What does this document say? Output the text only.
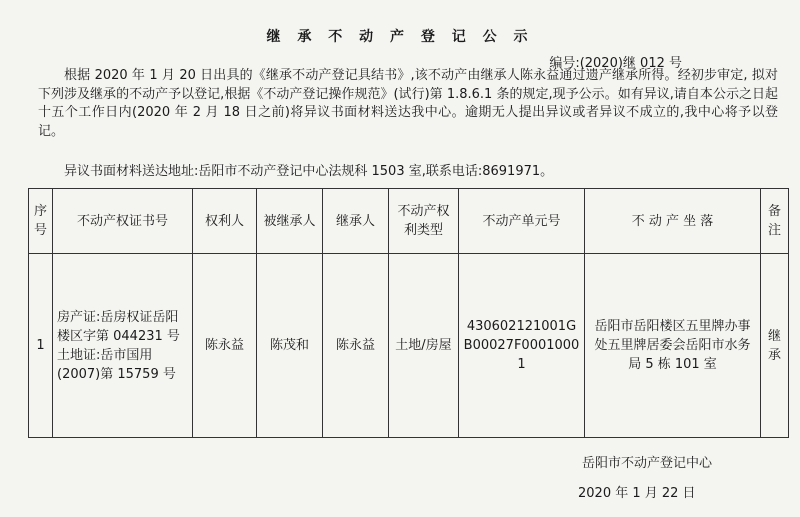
继 承 不 动 产 登 记 公 示
编号:(2020)继 012 号

根据 2020 年 1 月 20 日出具的《继承不动产登记具结书》,该不动产由继承人陈永益通过遗产继承所得。经初步审定, 拟对下列涉及继承的不动产予以登记,根据《不动产登记操作规范》(试行)第 1.8.6.1 条的规定,现予公示。如有异议,请自本公示之日起十五个工作日内(2020 年 2 月 18 日之前)将异议书面材料送达我中心。逾期无人提出异议或者异议不成立的,我中心将予以登记。

异议书面材料送达地址:岳阳市不动产登记中心法规科 1503 室,联系电话:8691971。
序号	不动产权证书号	权利人	被继承人	继承人	不动产权利类型	不动产单元号	不 动 产 坐 落	备注
1	房产证:岳房权证岳阳楼区字第 044231 号
土地证:岳市国用(2007)第 15759 号	陈永益	陈茂和	陈永益	土地/房屋	430602121001GB00027F00010001	岳阳市岳阳楼区五里牌办事处五里牌居委会岳阳市水务局 5 栋 101 室	继承
岳阳市不动产登记中心
2020 年 1 月 22 日
